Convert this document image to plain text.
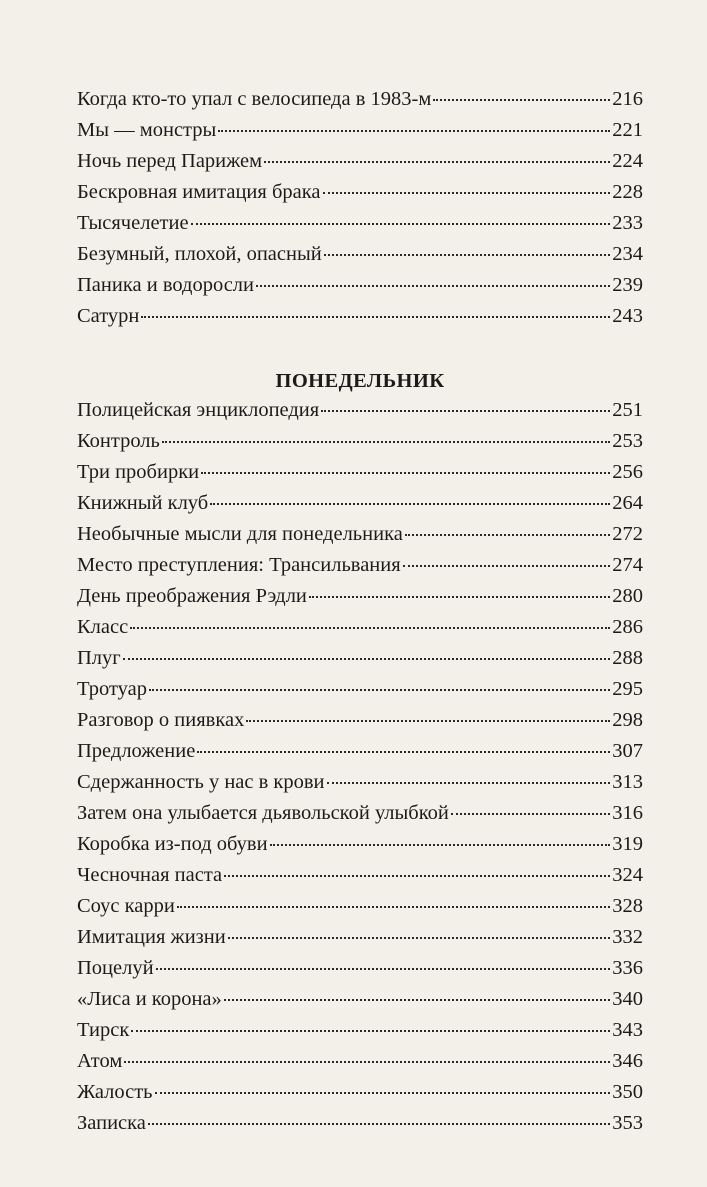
Когда кто-то упал с велосипеда в 1983-м	216
Мы — монстры	221
Ночь перед Парижем	224
Бескровная имитация брака	228
Тысячелетие	233
Безумный, плохой, опасный	234
Паника и водоросли	239
Сатурн	243
ПОНЕДЕЛЬНИК
Полицейская энциклопедия	251
Контроль	253
Три пробирки	256
Книжный клуб	264
Необычные мысли для понедельника	272
Место преступления: Трансильвания	274
День преображения Рэдли	280
Класс	286
Плуг	288
Тротуар	295
Разговор о пиявках	298
Предложение	307
Сдержанность у нас в крови	313
Затем она улыбается дьявольской улыбкой	316
Коробка из-под обуви	319
Чесночная паста	324
Соус карри	328
Имитация жизни	332
Поцелуй	336
«Лиса и корона»	340
Тирск	343
Атом	346
Жалость	350
Записка	353
